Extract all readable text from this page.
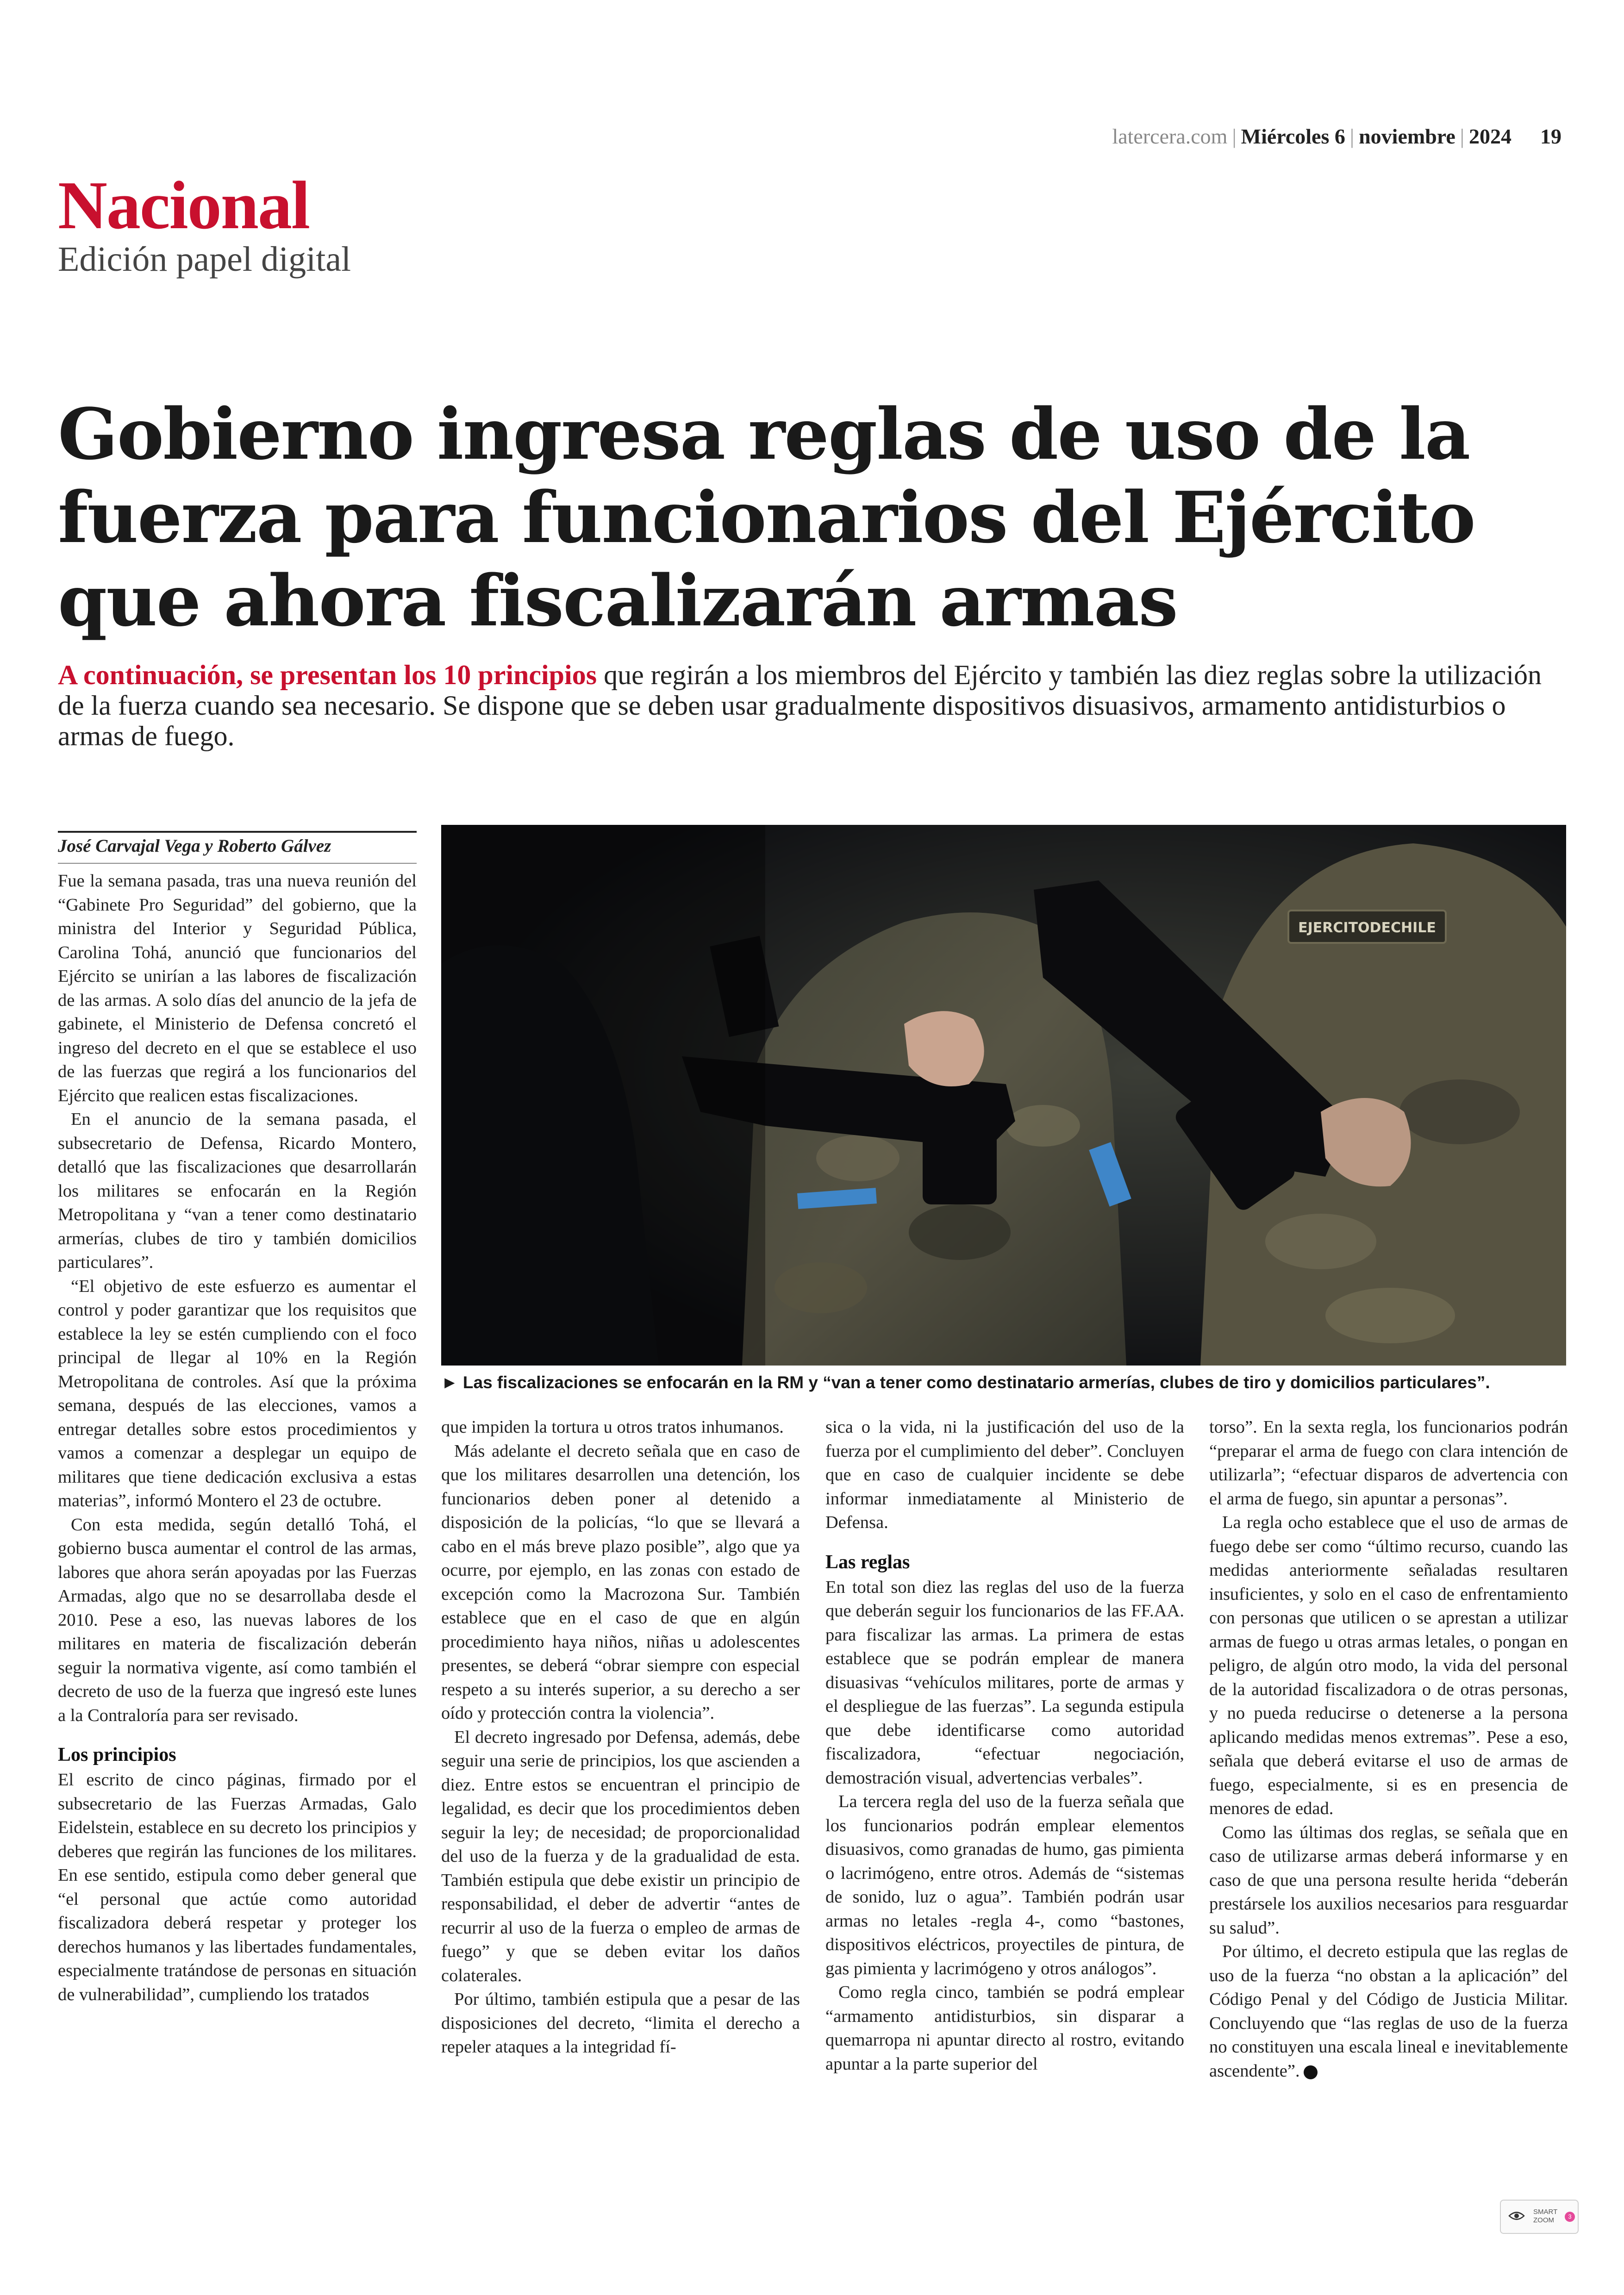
latercera.com | Miércoles 6 | noviembre | 2024 19
Nacional
Edición papel digital
Gobierno ingresa reglas de uso de la fuerza para funcionarios del Ejército que ahora fiscalizarán armas

A continuación, se presentan los 10 principios que regirán a los miembros del Ejército y también las diez reglas sobre la utilización de la fuerza cuando sea necesario. Se dispone que se deben usar gradualmente dispositivos disuasivos, armamento antidisturbios o armas de fuego.

José Carvajal Vega y Roberto Gálvez
EJERCITODECHILE
► Las fiscalizaciones se enfocarán en la RM y “van a tener como destinatario armerías, clubes de tiro y domicilios particulares”.

Fue la semana pasada, tras una nueva reunión del “Gabinete Pro Seguridad” del gobierno, que la ministra del Interior y Seguridad Pública, Carolina Tohá, anunció que funcionarios del Ejército se unirían a las labores de fiscalización de las armas. A solo días del anuncio de la jefa de gabinete, el Ministerio de Defensa concretó el ingreso del decreto en el que se establece el uso de las fuerzas que regirá a los funcionarios del Ejército que realicen estas fiscalizaciones.

En el anuncio de la semana pasada, el subsecretario de Defensa, Ricardo Montero, detalló que las fiscalizaciones que desarrollarán los militares se enfocarán en la Región Metropolitana y “van a tener como destinatario armerías, clubes de tiro y también domicilios particulares”.

“El objetivo de este esfuerzo es aumentar el control y poder garantizar que los requisitos que establece la ley se estén cumpliendo con el foco principal de llegar al 10% en la Región Metropolitana de controles. Así que la próxima semana, después de las elecciones, vamos a entregar detalles sobre estos procedimientos y vamos a comenzar a desplegar un equipo de militares que tiene dedicación exclusiva a estas materias”, informó Montero el 23 de octubre.

Con esta medida, según detalló Tohá, el gobierno busca aumentar el control de las armas, labores que ahora serán apoyadas por las Fuerzas Armadas, algo que no se desarrollaba desde el 2010. Pese a eso, las nuevas labores de los militares en materia de fiscalización deberán seguir la normativa vigente, así como también el decreto de uso de la fuerza que ingresó este lunes a la Contraloría para ser revisado.

Los principios

El escrito de cinco páginas, firmado por el subsecretario de las Fuerzas Armadas, Galo Eidelstein, establece en su decreto los principios y deberes que regirán las funciones de los militares. En ese sentido, estipula como deber general que “el personal que actúe como autoridad fiscalizadora deberá respetar y proteger los derechos humanos y las libertades fundamentales, especialmente tratándose de personas en situación de vulnerabilidad”, cumpliendo los tratados

que impiden la tortura u otros tratos inhumanos.

Más adelante el decreto señala que en caso de que los militares desarrollen una detención, los funcionarios deben poner al detenido a disposición de la policías, “lo que se llevará a cabo en el más breve plazo posible”, algo que ya ocurre, por ejemplo, en las zonas con estado de excepción como la Macrozona Sur. También establece que en el caso de que en algún procedimiento haya niños, niñas u adolescentes presentes, se deberá “obrar siempre con especial respeto a su interés superior, a su derecho a ser oído y protección contra la violencia”.

El decreto ingresado por Defensa, además, debe seguir una serie de principios, los que ascienden a diez. Entre estos se encuentran el principio de legalidad, es decir que los procedimientos deben seguir la ley; de necesidad; de proporcionalidad del uso de la fuerza y de la gradualidad de esta. También estipula que debe existir un principio de responsabilidad, el deber de advertir “antes de recurrir al uso de la fuerza o empleo de armas de fuego” y que se deben evitar los daños colaterales.

Por último, también estipula que a pesar de las disposiciones del decreto, “limita el derecho a repeler ataques a la integridad fí-

sica o la vida, ni la justificación del uso de la fuerza por el cumplimiento del deber”. Concluyen que en caso de cualquier incidente se debe informar inmediatamente al Ministerio de Defensa.

Las reglas

En total son diez las reglas del uso de la fuerza que deberán seguir los funcionarios de las FF.AA. para fiscalizar las armas. La primera de estas establece que se podrán emplear de manera disuasivas “vehículos militares, porte de armas y el despliegue de las fuerzas”. La segunda estipula que debe identificarse como autoridad fiscalizadora, “efectuar negociación, demostración visual, advertencias verbales”.

La tercera regla del uso de la fuerza señala que los funcionarios podrán emplear elementos disuasivos, como granadas de humo, gas pimienta o lacrimógeno, entre otros. Además de “sistemas de sonido, luz o agua”. También podrán usar armas no letales -regla 4-, como “bastones, dispositivos eléctricos, proyectiles de pintura, de gas pimienta y lacrimógeno y otros análogos”.

Como regla cinco, también se podrá emplear “armamento antidisturbios, sin disparar a quemarropa ni apuntar directo al rostro, evitando apuntar a la parte superior del

torso”. En la sexta regla, los funcionarios podrán “preparar el arma de fuego con clara intención de utilizarla”; “efectuar disparos de advertencia con el arma de fuego, sin apuntar a personas”.

La regla ocho establece que el uso de armas de fuego debe ser como “último recurso, cuando las medidas anteriormente señaladas resultaren insuficientes, y solo en el caso de enfrentamiento con personas que utilicen o se aprestan a utilizar armas de fuego u otras armas letales, o pongan en peligro, de algún otro modo, la vida del personal de la autoridad fiscalizadora o de otras personas, y no pueda reducirse o detenerse a la persona aplicando medidas menos extremas”. Pese a eso, señala que deberá evitarse el uso de armas de fuego, especialmente, si es en presencia de menores de edad.

Como las últimas dos reglas, se señala que en caso de utilizarse armas deberá informarse y en caso de que una persona resulte herida “deberán prestársele los auxilios necesarios para resguardar su salud”.

Por último, el decreto estipula que las reglas de uso de la fuerza “no obstan a la aplicación” del Código Penal y del Código de Justicia Militar. Concluyendo que “las reglas de uso de la fuerza no constituyen una escala lineal e inevitablemente ascendente”.

SMART
ZOOM	3
